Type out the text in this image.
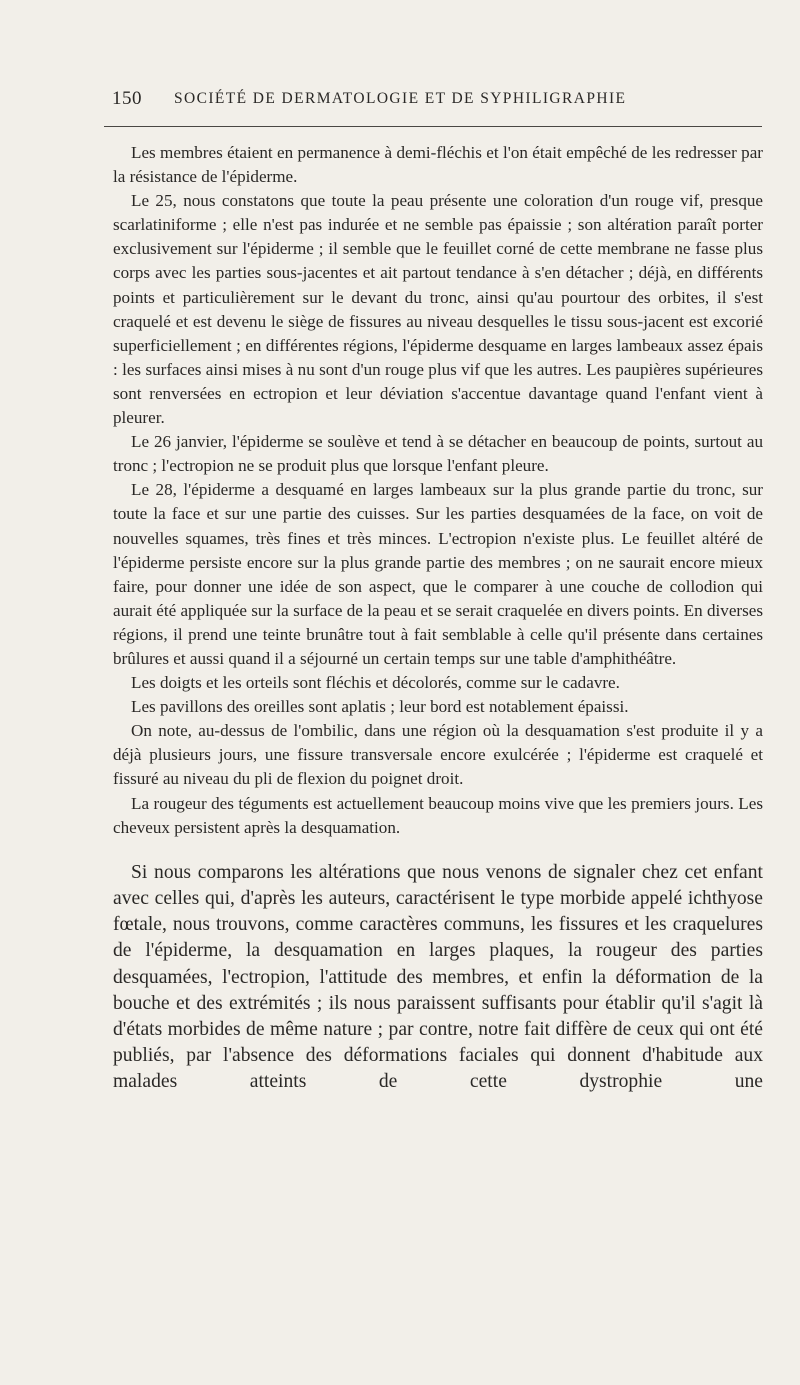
150 SOCIÉTÉ DE DERMATOLOGIE ET DE SYPHILIGRAPHIE

Les membres étaient en permanence à demi-fléchis et l'on était empêché de les redresser par la résistance de l'épiderme.

Le 25, nous constatons que toute la peau présente une coloration d'un rouge vif, presque scarlatiniforme ; elle n'est pas indurée et ne semble pas épaissie ; son altération paraît porter exclusivement sur l'épiderme ; il semble que le feuillet corné de cette membrane ne fasse plus corps avec les parties sous-jacentes et ait partout tendance à s'en détacher ; déjà, en différents points et particulièrement sur le devant du tronc, ainsi qu'au pourtour des orbites, il s'est craquelé et est devenu le siège de fissures au niveau desquelles le tissu sous-jacent est excorié superficiellement ; en différentes régions, l'épiderme desquame en larges lambeaux assez épais : les surfaces ainsi mises à nu sont d'un rouge plus vif que les autres. Les paupières supérieures sont renversées en ectropion et leur déviation s'accentue davantage quand l'enfant vient à pleurer.

Le 26 janvier, l'épiderme se soulève et tend à se détacher en beaucoup de points, surtout au tronc ; l'ectropion ne se produit plus que lorsque l'enfant pleure.

Le 28, l'épiderme a desquamé en larges lambeaux sur la plus grande partie du tronc, sur toute la face et sur une partie des cuisses. Sur les parties desquamées de la face, on voit de nouvelles squames, très fines et très minces. L'ectropion n'existe plus. Le feuillet altéré de l'épiderme persiste encore sur la plus grande partie des membres ; on ne saurait encore mieux faire, pour donner une idée de son aspect, que le comparer à une couche de collodion qui aurait été appliquée sur la surface de la peau et se serait craquelée en divers points. En diverses régions, il prend une teinte brunâtre tout à fait semblable à celle qu'il présente dans certaines brûlures et aussi quand il a séjourné un certain temps sur une table d'amphithéâtre.

Les doigts et les orteils sont fléchis et décolorés, comme sur le cadavre.

Les pavillons des oreilles sont aplatis ; leur bord est notablement épaissi.

On note, au-dessus de l'ombilic, dans une région où la desquamation s'est produite il y a déjà plusieurs jours, une fissure transversale encore exulcérée ; l'épiderme est craquelé et fissuré au niveau du pli de flexion du poignet droit.

La rougeur des téguments est actuellement beaucoup moins vive que les premiers jours. Les cheveux persistent après la desquamation.

Si nous comparons les altérations que nous venons de signaler chez cet enfant avec celles qui, d'après les auteurs, caractérisent le type morbide appelé ichthyose fœtale, nous trouvons, comme caractères communs, les fissures et les craquelures de l'épiderme, la desquamation en larges plaques, la rougeur des parties desquamées, l'ectropion, l'attitude des membres, et enfin la déformation de la bouche et des extrémités ; ils nous paraissent suffisants pour établir qu'il s'agit là d'états morbides de même nature ; par contre, notre fait diffère de ceux qui ont été publiés, par l'absence des déformations faciales qui donnent d'habitude aux malades atteints de cette dystrophie une
